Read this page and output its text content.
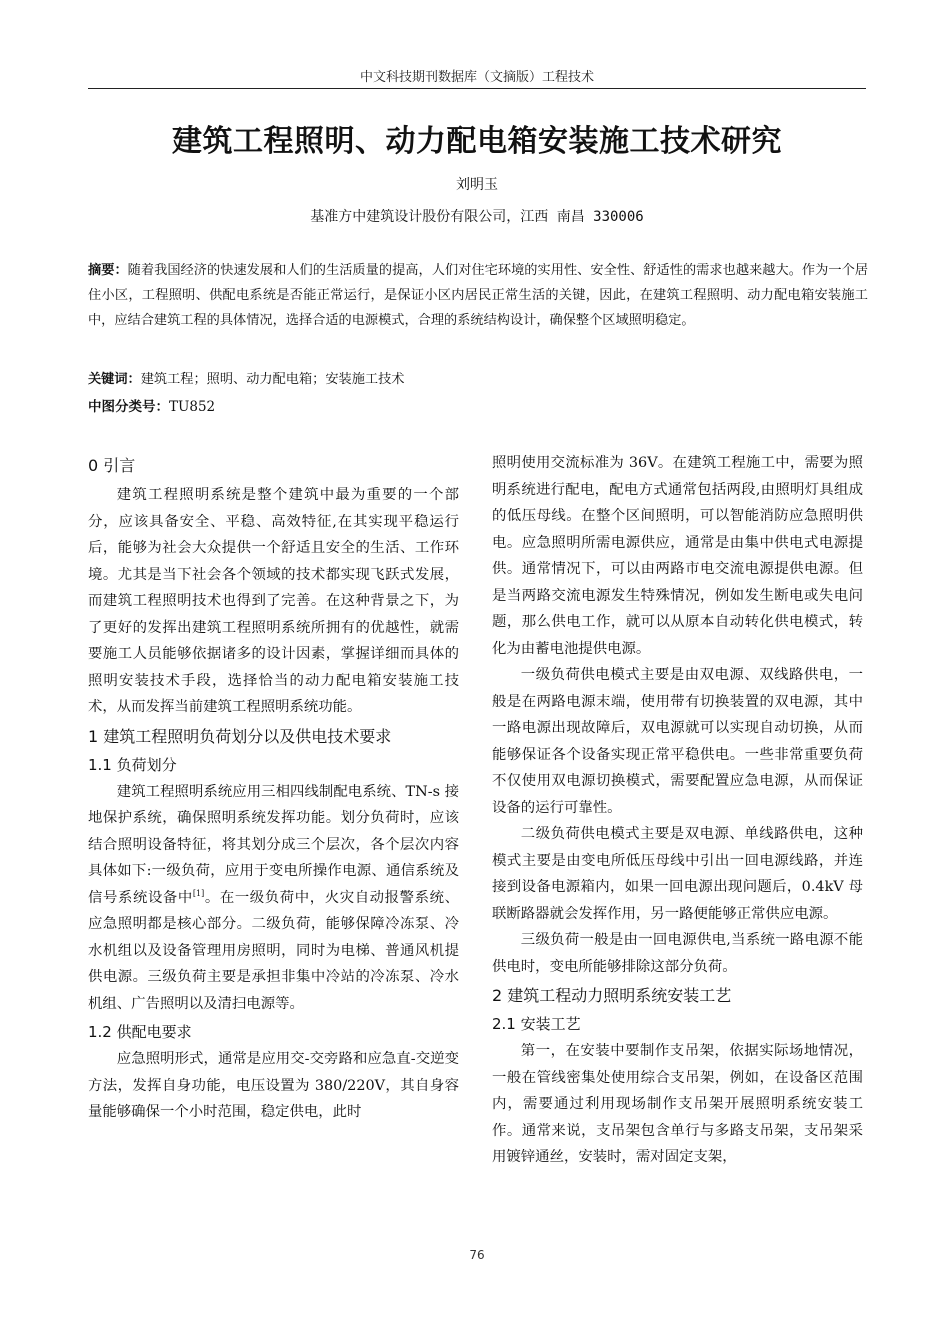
中文科技期刊数据库（文摘版）工程技术
建筑工程照明、动力配电箱安装施工技术研究
刘明玉
基准方中建筑设计股份有限公司，江西 南昌 330006
摘要：随着我国经济的快速发展和人们的生活质量的提高，人们对住宅环境的实用性、安全性、舒适性的需求也越来越大。作为一个居住小区，工程照明、供配电系统是否能正常运行，是保证小区内居民正常生活的关键，因此，在建筑工程照明、动力配电箱安装施工中，应结合建筑工程的具体情况，选择合适的电源模式，合理的系统结构设计，确保整个区域照明稳定。
关键词：建筑工程；照明、动力配电箱；安装施工技术
中图分类号：TU852
0 引言

建筑工程照明系统是整个建筑中最为重要的一个部分，应该具备安全、平稳、高效特征,在其实现平稳运行后，能够为社会大众提供一个舒适且安全的生活、工作环境。尤其是当下社会各个领域的技术都实现飞跃式发展，而建筑工程照明技术也得到了完善。在这种背景之下，为了更好的发挥出建筑工程照明系统所拥有的优越性，就需要施工人员能够依据诸多的设计因素，掌握详细而具体的照明安装技术手段，选择恰当的动力配电箱安装施工技术，从而发挥当前建筑工程照明系统功能。

1 建筑工程照明负荷划分以及供电技术要求
1.1 负荷划分

建筑工程照明系统应用三相四线制配电系统、TN-s 接地保护系统，确保照明系统发挥功能。划分负荷时，应该结合照明设备特征，将其划分成三个层次，各个层次内容具体如下:一级负荷，应用于变电所操作电源、通信系统及信号系统设备中[1]。在一级负荷中，火灾自动报警系统、应急照明都是核心部分。二级负荷，能够保障冷冻泵、冷水机组以及设备管理用房照明，同时为电梯、普通风机提供电源。三级负荷主要是承担非集中冷站的冷冻泵、冷水机组、广告照明以及清扫电源等。

1.2 供配电要求

应急照明形式，通常是应用交-交旁路和应急直-交逆变方法，发挥自身功能，电压设置为 380/220V，其自身容量能够确保一个小时范围，稳定供电，此时

照明使用交流标准为 36V。在建筑工程施工中，需要为照明系统进行配电，配电方式通常包括两段,由照明灯具组成的低压母线。在整个区间照明，可以智能消防应急照明供电。应急照明所需电源供应，通常是由集中供电式电源提供。通常情况下，可以由两路市电交流电源提供电源。但是当两路交流电源发生特殊情况，例如发生断电或失电问题，那么供电工作，就可以从原本自动转化供电模式，转化为由蓄电池提供电源。

一级负荷供电模式主要是由双电源、双线路供电，一般是在两路电源末端，使用带有切换装置的双电源，其中一路电源出现故障后，双电源就可以实现自动切换，从而能够保证各个设备实现正常平稳供电。一些非常重要负荷不仅使用双电源切换模式，需要配置应急电源，从而保证设备的运行可靠性。

二级负荷供电模式主要是双电源、单线路供电，这种模式主要是由变电所低压母线中引出一回电源线路，并连接到设备电源箱内，如果一回电源出现问题后，0.4kV 母联断路器就会发挥作用，另一路便能够正常供应电源。

三级负荷一般是由一回电源供电,当系统一路电源不能供电时，变电所能够排除这部分负荷。

2 建筑工程动力照明系统安装工艺
2.1 安装工艺

第一，在安装中要制作支吊架，依据实际场地情况，一般在管线密集处使用综合支吊架，例如，在设备区范围内，需要通过利用现场制作支吊架开展照明系统安装工作。通常来说，支吊架包含单行与多路支吊架，支吊架采用镀锌通丝，安装时，需对固定支架，

76
